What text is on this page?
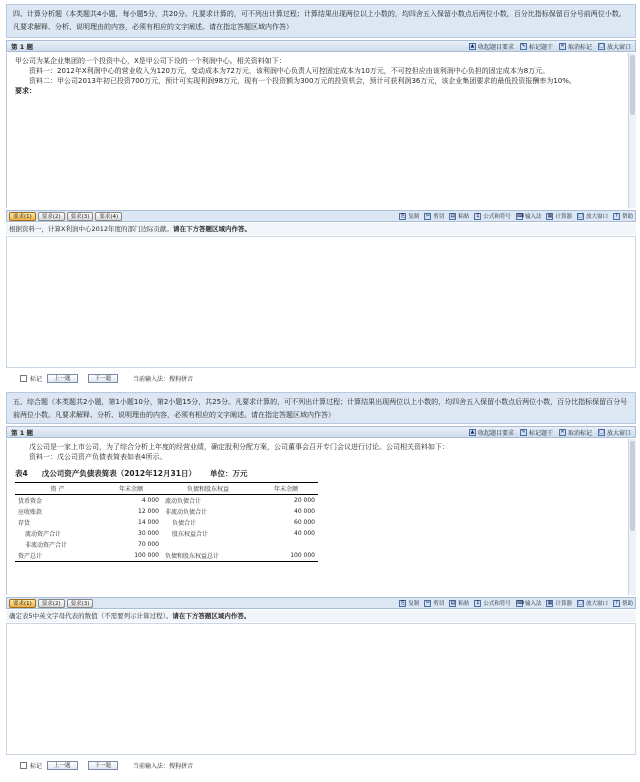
四、计算分析题（本类题共4小题，每小题5分，共20分。凡要求计算的，可不列出计算过程；计算结果出现两位以上小数的，均四舍五入保留小数点后两位小数，百分比指标保留百分号前两位小数。凡要求解释、分析、说明理由的内容，必须有相应的文字阐述。请在指定答题区域内作答）
第 1 题	▲ 收起题目要求 ✎ 标记题干 ✕ 取消标记 □ 放大窗口

甲公司为某企业集团的一个投资中心，X是甲公司下设的一个利润中心。相关资料如下：

资料一：2012年X利润中心的营业收入为120万元，变动成本为72万元，该利润中心负责人可控固定成本为10万元，不可控但应由该利润中心负担的固定成本为8万元。

资料二：甲公司2013年初已投资700万元，预计可实现利润98万元，现有一个投资额为300万元的投资机会，预计可获利润36万元，该企业集团要求的最低投资报酬率为10%。

要求：

要求(1)	要求(2)	要求(3)	要求(4)	⎘ 复制 ✂ 剪切 ▤ 粘贴	Σ 公式和符号 ⌨ 输入法 ▦ 计算器 □ 放大窗口	? 帮助
根据资料一，计算X利润中心2012年度的部门边际贡献。请在下方答题区域内作答。
标记	上一题	下一题	当前输入法：搜狗拼音
五、综合题（本类题共2小题，第1小题10分，第2小题15分，共25分。凡要求计算的，可不列出计算过程；计算结果出现两位以上小数的，均四舍五入保留小数点后两位小数，百分比指标保留百分号前两位小数。凡要求解释、分析、说明理由的内容，必须有相应的文字阐述。请在指定答题区域内作答）
第 1 题	▲ 收起题目要求 ✎ 标记题干 ✕ 取消标记 □ 放大窗口

戊公司是一家上市公司，为了综合分析上年度的经营业绩，确定股利分配方案，公司董事会召开专门会议进行讨论。公司相关资料如下：

资料一：戊公司资产负债表简表如表4所示。

表4 戊公司资产负债表简表（2012年12月31日） 单位：万元
资 产	年末余额	负债和股东权益	年末余额
货币资金	4 000	流动负债合计	20 000
应收账款	12 000	非流动负债合计	40 000
存货	14 000	负债合计	60 000
流动资产合计	30 000	股东权益合计	40 000
非流动资产合计	70 000		
资产总计	100 000	负债和股东权益总计	100 000
要求(1)	要求(2)	要求(3)	⎘ 复制 ✂ 剪切 ▤ 粘贴	Σ 公式和符号 ⌨ 输入法 ▦ 计算器 □ 放大窗口	? 帮助
确定表5中英文字母代表的数值（不需要列示计算过程）。请在下方答题区域内作答。
标记	上一题	下一题	当前输入法：搜狗拼音
